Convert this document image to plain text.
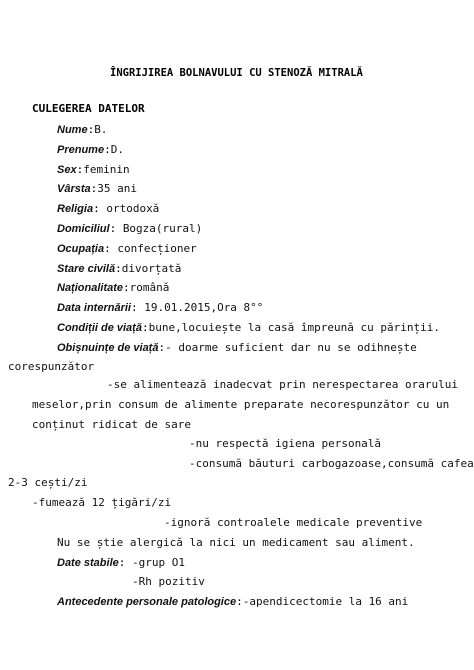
ÎNGRIJIREA BOLNAVULUI CU STENOZĂ MITRALĂ
CULEGEREA DATELOR
Nume:B.
Prenume:D.
Sex:feminin
Vârsta:35 ani
Religia: ortodoxă
Domiciliul: Bogza(rural)
Ocupația: confecționer
Stare civilă:divorțată
Naționalitate:română
Data internării: 19.01.2015,Ora 8°°
Condiții de viață:bune,locuiește la casă împreună cu părinții.
Obișnuințe de viață:- doarme suficient dar nu se odihnește
corespunzător
-se alimentează inadecvat prin nerespectarea orarului
meselor,prin consum de alimente preparate necorespunzător cu un
conținut ridicat de sare
-nu respectă igiena personală
-consumă băuturi carbogazoase,consumă cafea
2-3 cești/zi
-fumează 12 țigări/zi
-ignoră controalele medicale preventive
Nu se știe alergică la nici un medicament sau aliment.
Date stabile: -grup O1
-Rh pozitiv
Antecedente personale patologice:-apendicectomie la 16 ani
